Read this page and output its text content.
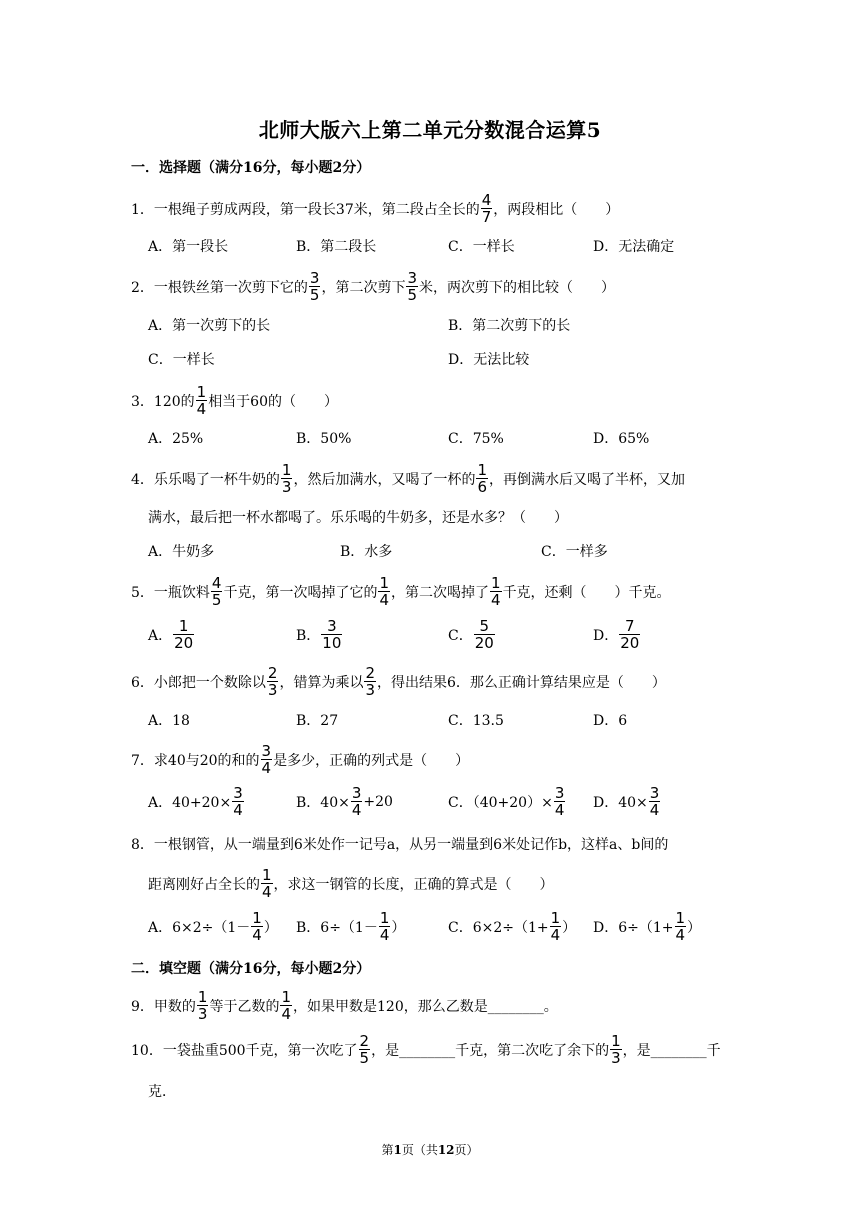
北师大版六上第二单元分数混合运算5
一．选择题（满分16分，每小题2分）
1．一根绳子剪成两段，第一段长37米，第二段占全长的 $\frac{4}{7}$ ，两段相比（　　）
A．第一段长	B．第二段长	C．一样长	D．无法确定
2．一根铁丝第一次剪下它的 $\frac{3}{5}$ ，第二次剪下 $\frac{3}{5}$ 米，两次剪下的相比较（　　）
A．第一次剪下的长	B．第二次剪下的长
C．一样长	D．无法比较
3．120的 $\frac{1}{4}$ 相当于60的（　　）
A．25%	B．50%	C．75%	D．65%
4．乐乐喝了一杯牛奶的 $\frac{1}{3}$ ，然后加满水，又喝了一杯的 $\frac{1}{6}$ ，再倒满水后又喝了半杯，又加
满水，最后把一杯水都喝了。乐乐喝的牛奶多，还是水多？（　　）
A．牛奶多	B．水多	C．一样多
5．一瓶饮料 $\frac{4}{5}$ 千克，第一次喝掉了它的 $\frac{1}{4}$ ，第二次喝掉了 $\frac{1}{4}$ 千克，还剩（　　）千克。
A． $\frac{1}{20}$	B． $\frac{3}{10}$	C． $\frac{5}{20}$	D． $\frac{7}{20}$
6．小郎把一个数除以 $\frac{2}{3}$ ，错算为乘以 $\frac{2}{3}$ ，得出结果6．那么正确计算结果应是（　　）
A．18	B．27	C．13.5	D．6
7．求40与20的和的 $\frac{3}{4}$ 是多少，正确的列式是（　　）
A．$40+20\times \frac{3}{4}$	B．$40\times \frac{3}{4} +20$	C．$(40+20)\times \frac{3}{4}$ D．$40\times \frac{3}{4}$
8．一根钢管，从一端量到6米处作一记号a，从另一端量到6米处记作b，这样a、b间的
距离刚好占全长的 $\frac{1}{4}$ ，求这一钢管的长度，正确的算式是（　　）
A．$6\times 2\div(1- \frac{1}{4}$ ） B．$6\div(1- \frac{1}{4}$ ）	C．$6\times 2\div(1+ \frac{1}{4}$ ） D．$6\div(1+ \frac{1}{4}$ ）
二．填空题（满分16分，每小题2分）
9．甲数的 $\frac{1}{3}$ 等于乙数的 $\frac{1}{4}$ ，如果甲数是120，那么乙数是________。
10．一袋盐重500千克，第一次吃了 $\frac{2}{5}$ ，是________千克，第二次吃了余下的 $\frac{1}{3}$ ，是________千
克．
第1页（共12页）
